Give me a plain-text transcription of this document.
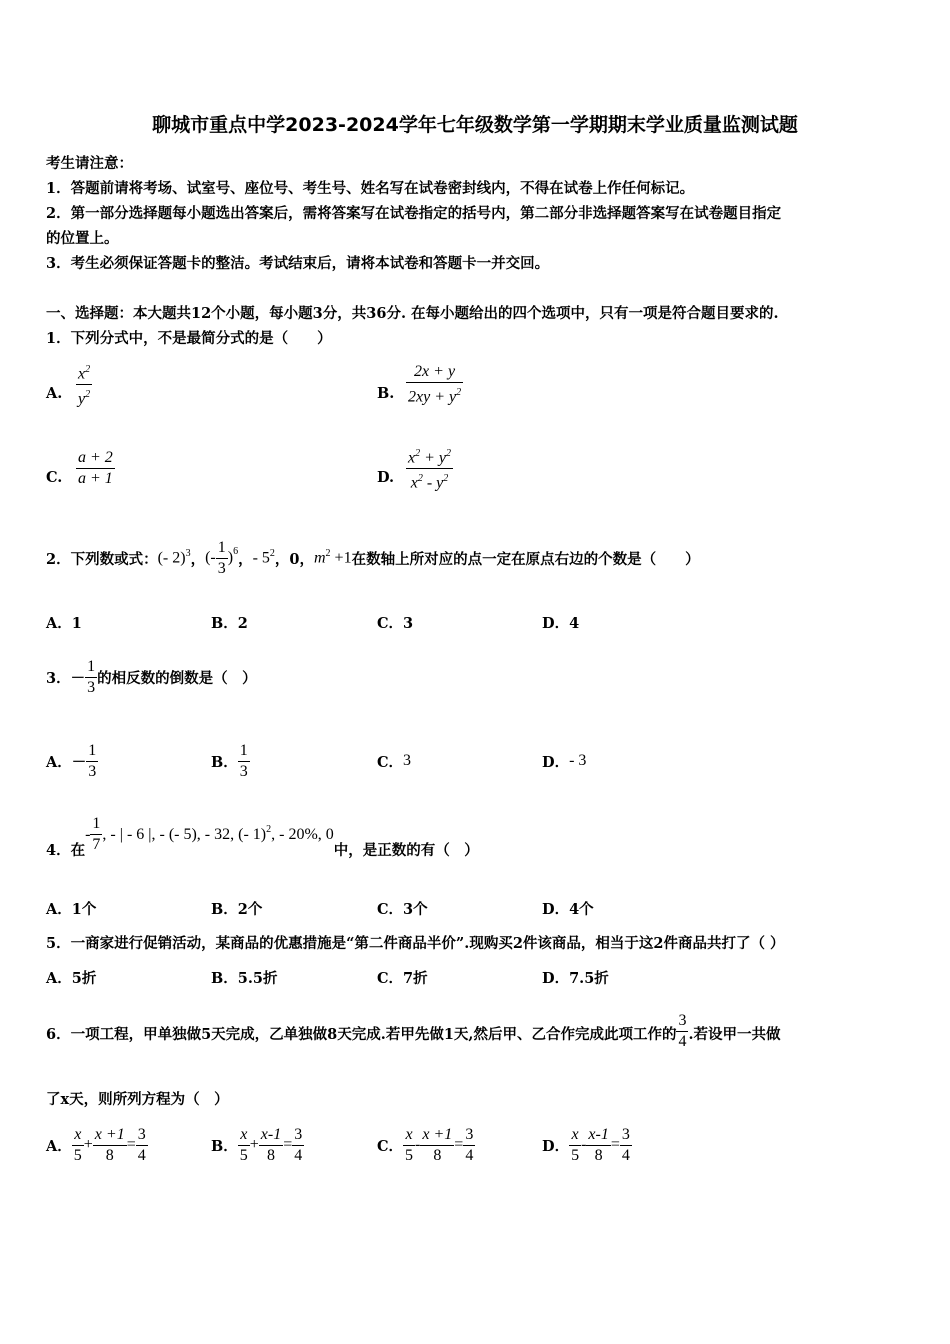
聊城市重点中学2023-2024学年七年级数学第一学期期末学业质量监测试题
考生请注意：
1．答题前请将考场、试室号、座位号、考生号、姓名写在试卷密封线内，不得在试卷上作任何标记。
2．第一部分选择题每小题选出答案后，需将答案写在试卷指定的括号内，第二部分非选择题答案写在试卷题目指定
的位置上。
3．考生必须保证答题卡的整洁。考试结束后，请将本试卷和答题卡一并交回。
一、选择题：本大题共12个小题，每小题3分，共36分. 在每小题给出的四个选项中，只有一项是符合题目要求的.
1．下列分式中，不是最简分式的是（　　）
A. $\frac{x^2}{y^2}$	B. $\frac{2x + y}{2xy + y^2}$
C. $\frac{a + 2}{a + 1}$	D. $\frac{x^2 + y^2}{x^2 - y^2}$
2．下列数或式： (- 2)$^3$ ， (- $\frac{1}{3} )^6$ ， - $5^2$ ，0， $m^2 +1$ 在数轴上所对应的点一定在原点右边的个数是（　　）
A．1	B．2	C．3	D．4
3．－ $\frac{1}{3}$ 的相反数的倒数是（　）
A． － $\frac{1}{3}$	B． $\frac{1}{3}$	C． 3	D． - 3
4．在
- $\frac{1}{7}$ , - | - 6 |, - (- 5), - 32, (- 1)$^2$ , - 20%, 0
中，是正数的有（　）
A．1个	B．2个	C．3个	D．4个
5．一商家进行促销活动，某商品的优惠措施是“第二件商品半价”.现购买2件该商品，相当于这2件商品共打了（ ）
A．5折	B．5.5折	C．7折	D．7.5折
6．一项工程，甲单独做5天完成，乙单独做8天完成.若甲先做1天,然后甲、乙合作完成此项工作的 $\frac{3}{4}$ .若设甲一共做
了x天，则所列方程为（　）
A． $\frac{x}{5} + \frac{x +1}{8} = \frac{3}{4}$	B． $\frac{x}{5} + \frac{x-1}{8} = \frac{3}{4}$	C． $\frac{x}{5} - \frac{x +1}{8} = \frac{3}{4}$	D． $\frac{x}{5} - \frac{x-1}{8} = \frac{3}{4}$
